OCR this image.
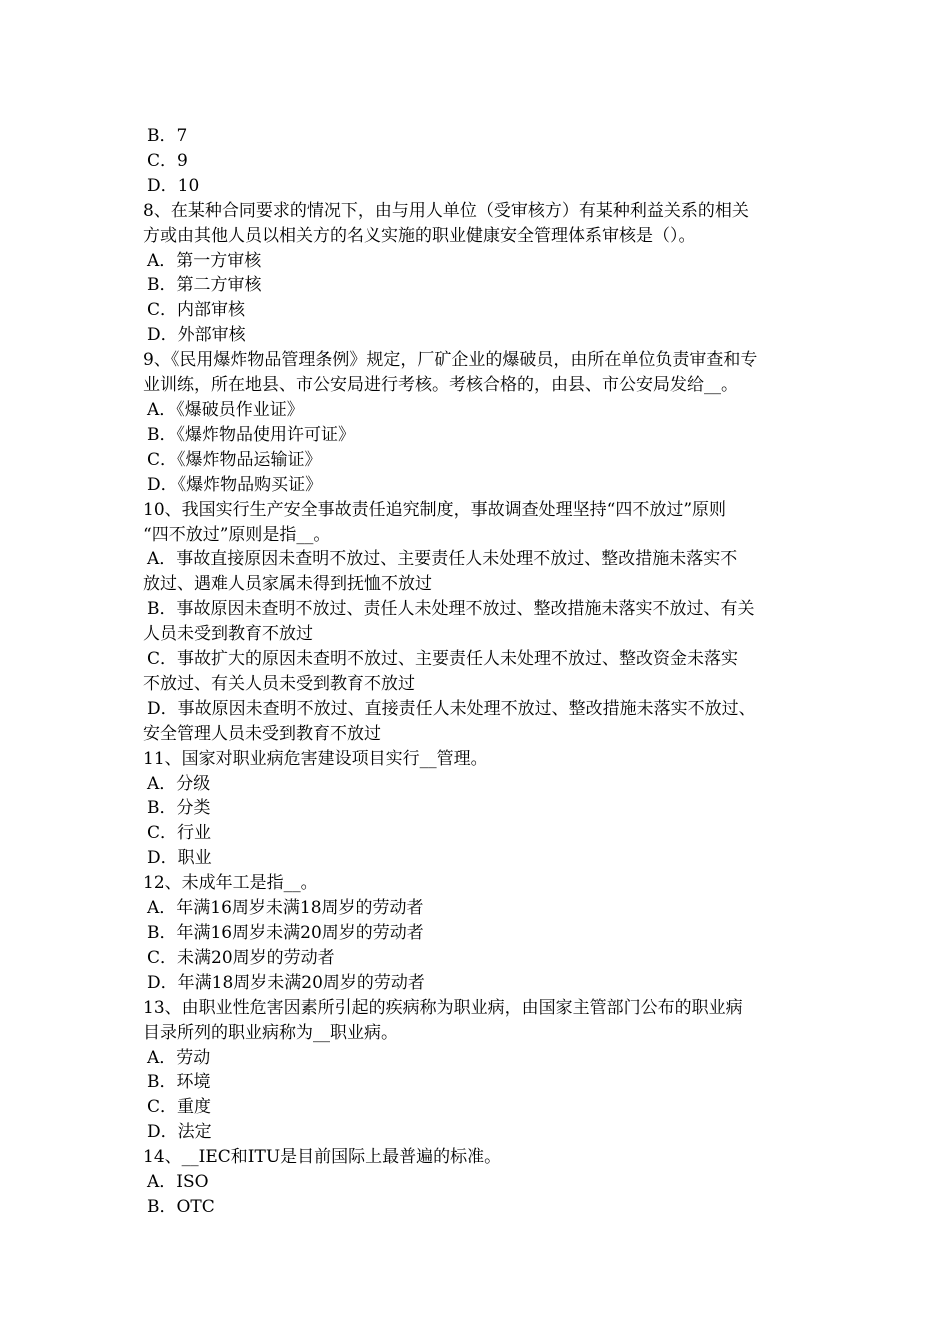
B．7
C．9
D．10
8、在某种合同要求的情况下，由与用人单位（受审核方）有某种利益关系的相关
方或由其他人员以相关方的名义实施的职业健康安全管理体系审核是（）。
A．第一方审核
B．第二方审核
C．内部审核
D．外部审核
9、《民用爆炸物品管理条例》规定，厂矿企业的爆破员，由所在单位负责审查和专
业训练，所在地县、市公安局进行考核。考核合格的，由县、市公安局发给__。
A．《爆破员作业证》
B．《爆炸物品使用许可证》
C．《爆炸物品运输证》
D．《爆炸物品购买证》
10、我国实行生产安全事故责任追究制度，事故调查处理坚持“四不放过”原则
“四不放过”原则是指__。
A．事故直接原因未查明不放过、主要责任人未处理不放过、整改措施未落实不
放过、遇难人员家属未得到抚恤不放过
B．事故原因未查明不放过、责任人未处理不放过、整改措施未落实不放过、有关
人员未受到教育不放过
C．事故扩大的原因未查明不放过、主要责任人未处理不放过、整改资金未落实
不放过、有关人员未受到教育不放过
D．事故原因未查明不放过、直接责任人未处理不放过、整改措施未落实不放过、
安全管理人员未受到教育不放过
11、国家对职业病危害建设项目实行__管理。
A．分级
B．分类
C．行业
D．职业
12、未成年工是指__。
A．年满16周岁未满18周岁的劳动者
B．年满16周岁未满20周岁的劳动者
C．未满20周岁的劳动者
D．年满18周岁未满20周岁的劳动者
13、由职业性危害因素所引起的疾病称为职业病，由国家主管部门公布的职业病
目录所列的职业病称为__职业病。
A．劳动
B．环境
C．重度
D．法定
14、__IEC和ITU是目前国际上最普遍的标准。
A．ISO
B．OTC
